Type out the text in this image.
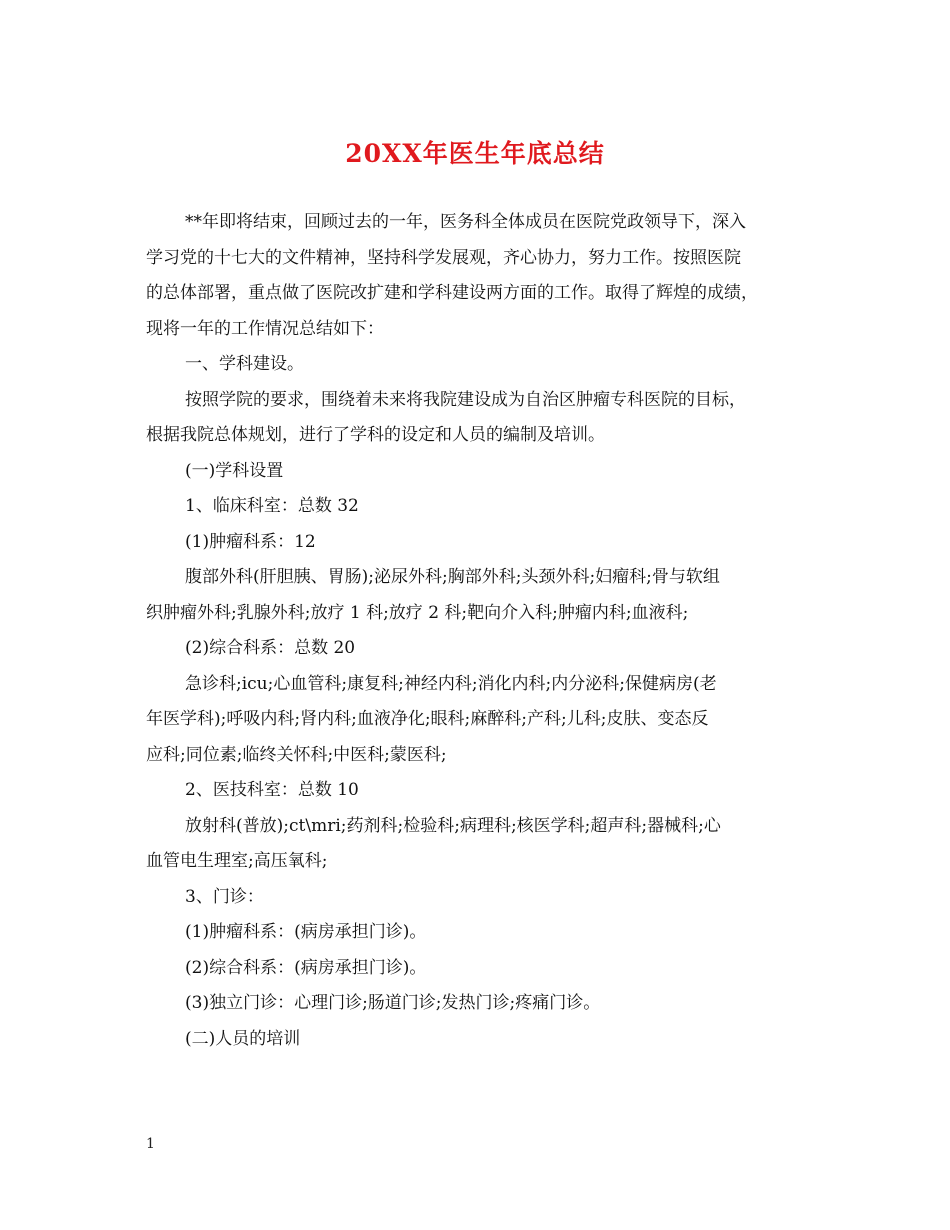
20XX年医生年底总结

**年即将结束，回顾过去的一年，医务科全体成员在医院党政领导下，深入

学习党的十七大的文件精神，坚持科学发展观，齐心协力，努力工作。按照医院

的总体部署，重点做了医院改扩建和学科建设两方面的工作。取得了辉煌的成绩，

现将一年的工作情况总结如下：

一、学科建设。

按照学院的要求，围绕着未来将我院建设成为自治区肿瘤专科医院的目标，

根据我院总体规划，进行了学科的设定和人员的编制及培训。

(一)学科设置

1、临床科室：总数 32

(1)肿瘤科系：12

腹部外科(肝胆胰、胃肠);泌尿外科;胸部外科;头颈外科;妇瘤科;骨与软组

织肿瘤外科;乳腺外科;放疗 1 科;放疗 2 科;靶向介入科;肿瘤内科;血液科;

(2)综合科系：总数 20

急诊科;icu;心血管科;康复科;神经内科;消化内科;内分泌科;保健病房(老

年医学科);呼吸内科;肾内科;血液净化;眼科;麻醉科;产科;儿科;皮肤、变态反

应科;同位素;临终关怀科;中医科;蒙医科;

2、医技科室：总数 10

放射科(普放);ct\mri;药剂科;检验科;病理科;核医学科;超声科;器械科;心

血管电生理室;高压氧科;

3、门诊：

(1)肿瘤科系：(病房承担门诊)。

(2)综合科系：(病房承担门诊)。

(3)独立门诊：心理门诊;肠道门诊;发热门诊;疼痛门诊。

(二)人员的培训

1
